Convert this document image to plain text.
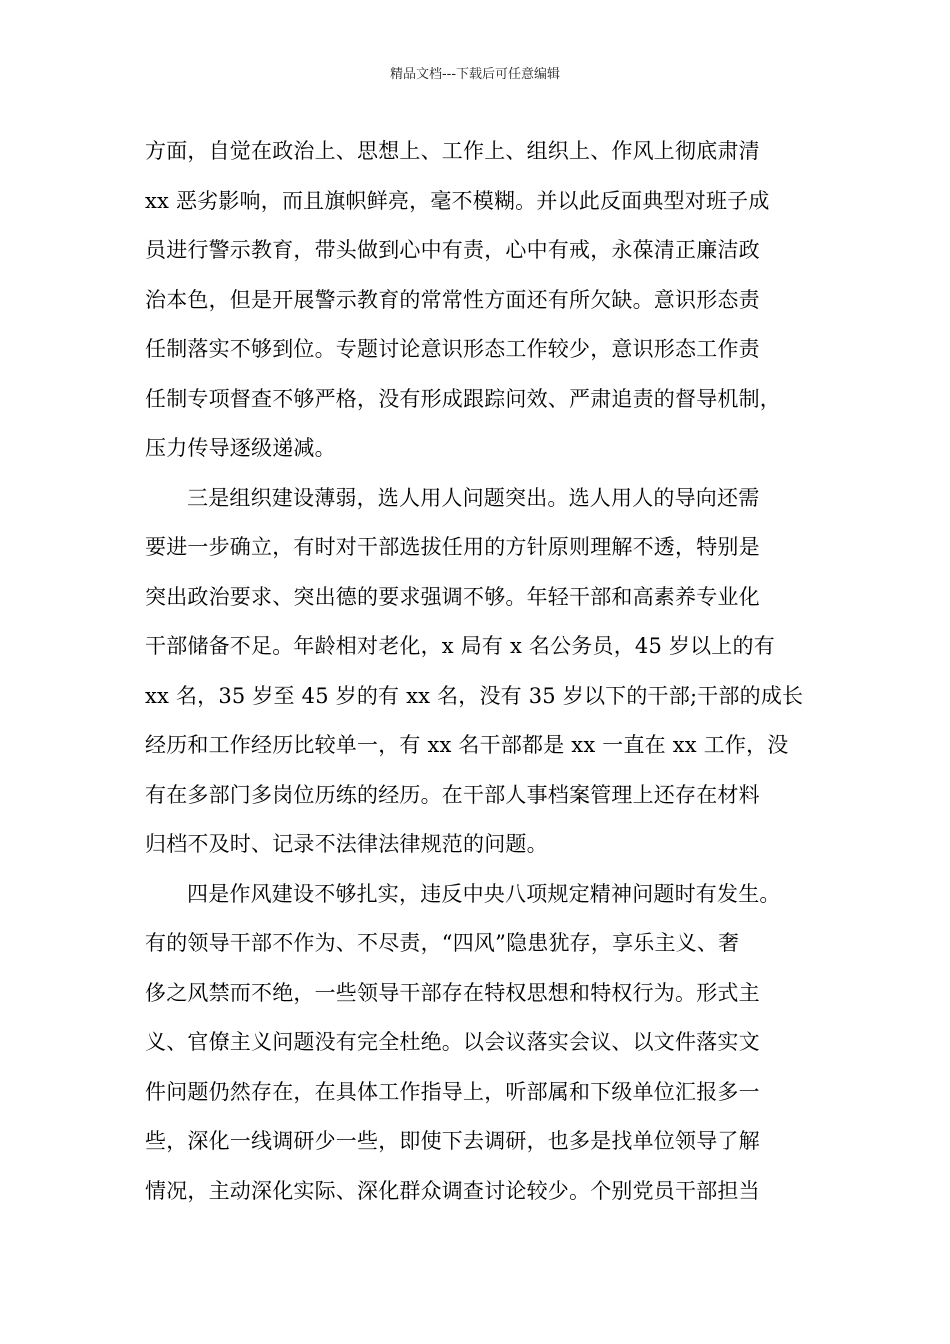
精品文档---下载后可任意编辑
方面，自觉在政治上、思想上、工作上、组织上、作风上彻底肃清
xx 恶劣影响，而且旗帜鲜亮，毫不模糊。并以此反面典型对班子成
员进行警示教育，带头做到心中有责，心中有戒，永葆清正廉洁政
治本色，但是开展警示教育的常常性方面还有所欠缺。意识形态责
任制落实不够到位。专题讨论意识形态工作较少，意识形态工作责
任制专项督查不够严格，没有形成跟踪问效、严肃追责的督导机制，
压力传导逐级递减。
三是组织建设薄弱，选人用人问题突出。选人用人的导向还需
要进一步确立，有时对干部选拔任用的方针原则理解不透，特别是
突出政治要求、突出德的要求强调不够。年轻干部和高素养专业化
干部储备不足。年龄相对老化，x 局有 x 名公务员，45 岁以上的有
xx 名，35 岁至 45 岁的有 xx 名，没有 35 岁以下的干部;干部的成长
经历和工作经历比较单一，有 xx 名干部都是 xx 一直在 xx 工作，没
有在多部门多岗位历练的经历。在干部人事档案管理上还存在材料
归档不及时、记录不法律法律规范的问题。
四是作风建设不够扎实，违反中央八项规定精神问题时有发生。
有的领导干部不作为、不尽责，“四风”隐患犹存，享乐主义、奢
侈之风禁而不绝，一些领导干部存在特权思想和特权行为。形式主
义、官僚主义问题没有完全杜绝。以会议落实会议、以文件落实文
件问题仍然存在，在具体工作指导上，听部属和下级单位汇报多一
些，深化一线调研少一些，即使下去调研，也多是找单位领导了解
情况，主动深化实际、深化群众调查讨论较少。个别党员干部担当
